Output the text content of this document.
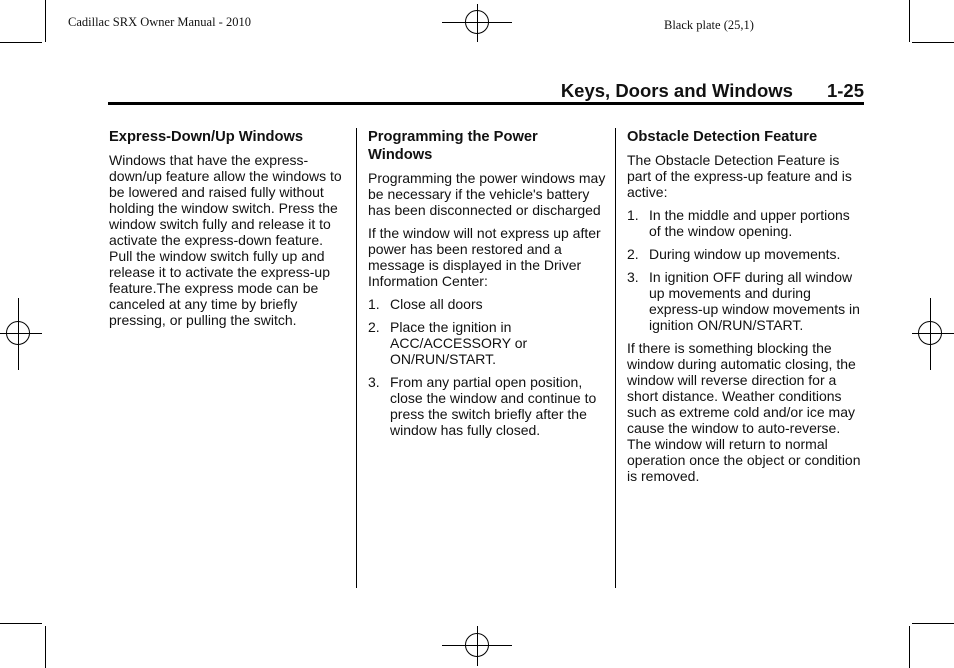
Cadillac SRX Owner Manual - 2010	Black plate (25,1)
Keys, Doors and Windows 1-25
Express-Down/Up Windows

Windows that have the express-down/up feature allow the windows to be lowered and raised fully without holding the window switch. Press the window switch fully and release it to activate the express-down feature. Pull the window switch fully up and release it to activate the express-up feature.The express mode can be canceled at any time by briefly pressing, or pulling the switch.

Programming the Power Windows

Programming the power windows may be necessary if the vehicle's battery has been disconnected or discharged

If the window will not express up after power has been restored and a message is displayed in the Driver Information Center:

1. Close all doors
2. Place the ignition in ACC/ACCESSORY or ON/RUN/START.
3. From any partial open position, close the window and continue to press the switch briefly after the window has fully closed.
Obstacle Detection Feature

The Obstacle Detection Feature is part of the express-up feature and is active:

1. In the middle and upper portions of the window opening.
2. During window up movements.
3. In ignition OFF during all window up movements and during express-up window movements in ignition ON/RUN/START.

If there is something blocking the window during automatic closing, the window will reverse direction for a short distance. Weather conditions such as extreme cold and/or ice may cause the window to auto-reverse. The window will return to normal operation once the object or condition is removed.
